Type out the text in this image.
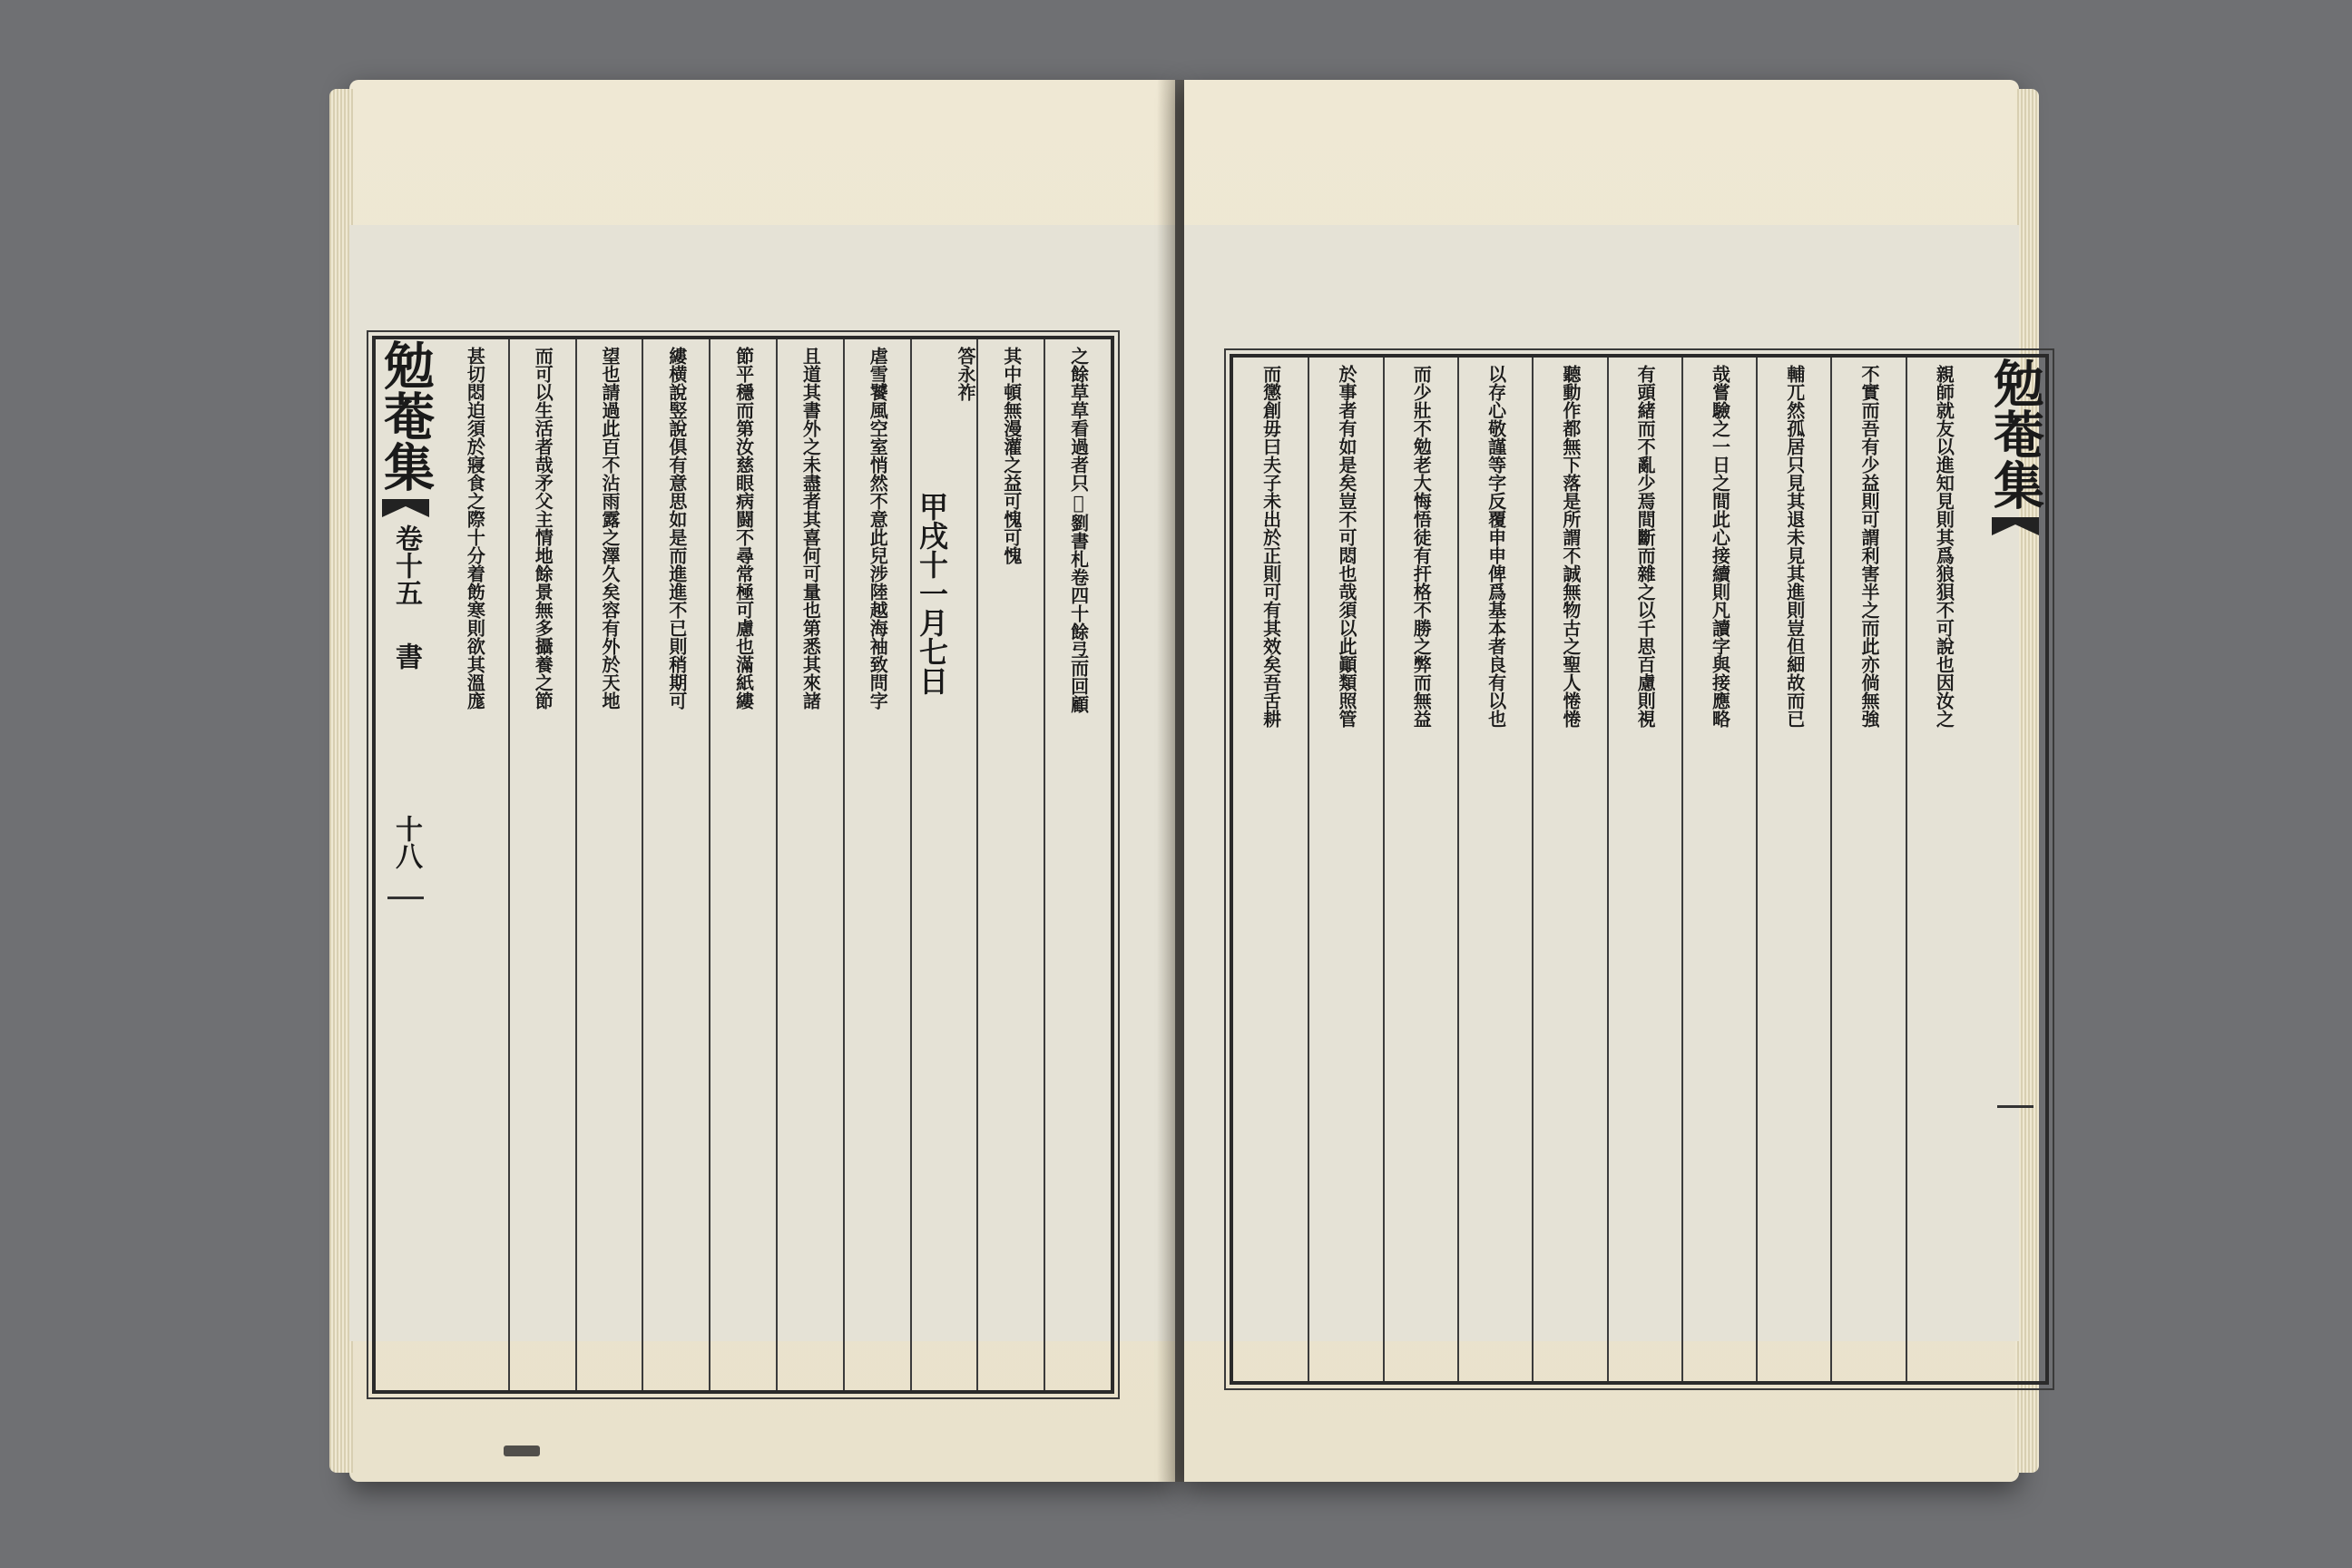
之餘草草看過者只𨇠劉書札卷四十餘弖而回顧
其中頓無漫灌之益可愧可愧
答永祚
甲戌十一月七日
虐雪饕風空室悄然不意此兒涉陸越海袖致問字
且道其書外之未盡者其喜何可量也第悉其來諸
節平穩而第汝慈眼病闘不尋常極可慮也滿紙縷
縷横說竪說俱有意思如是而進進不已則稍期可
望也請過此百不沾雨露之澤久矣容有外於天地
而可以生活者哉矛父主情地餘景無多攝養之節
甚切悶迫須於寢食之際十分着飭寒則欲其溫庬
勉菴集
卷十五
書
十八
親師就友以進知見則其爲狼狽不可說也因汝之
不實而吾有少益則可謂利害半之而此亦倘無強
輔兀然孤居只見其退未見其進則豈但細故而已
哉嘗驗之一日之間此心接續則凡讀字與接應略
有頭緒而不亂少焉間斷而雜之以千思百慮則視
聽動作都無下落是所謂不誠無物古之聖人惓惓
以存心敬謹等字反覆申申俾爲基本者良有以也
而少壯不勉老大悔悟徒有扞格不勝之弊而無益
於事者有如是矣豈不可悶也哉須以此顚類照管
而懲創毋曰夫子未出於正則可有其效矣吾舌耕	勉菴集
